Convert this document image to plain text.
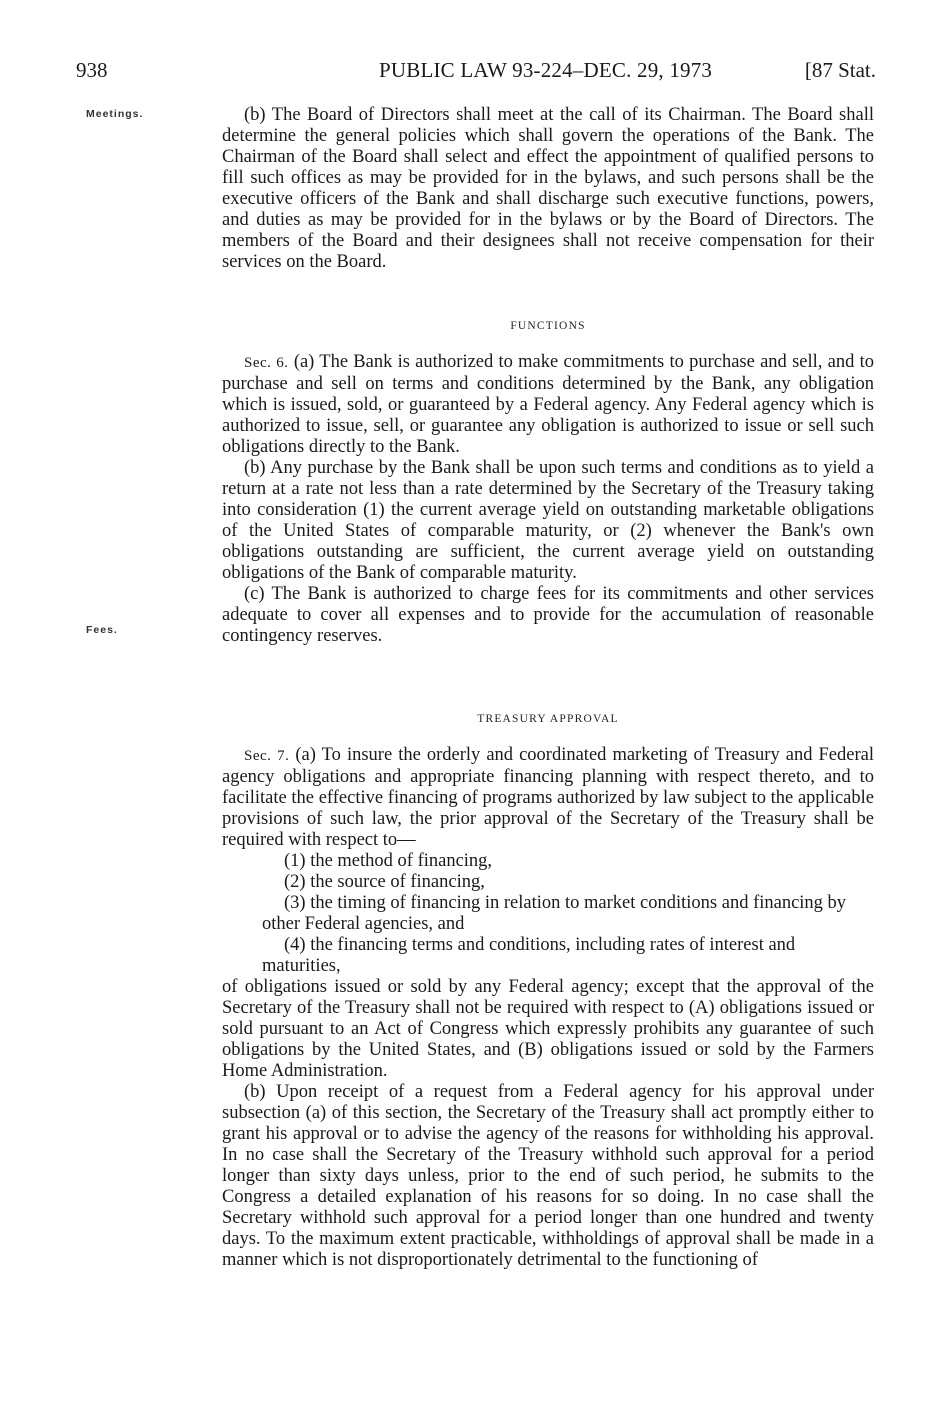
938	PUBLIC LAW 93-224–DEC. 29, 1973	[87 Stat.
Meetings.	(b) The Board of Directors shall meet at the call of its Chairman. The Board shall determine the general policies which shall govern the operations of the Bank. The Chairman of the Board shall select and effect the appointment of qualified persons to fill such offices as may be provided for in the bylaws, and such persons shall be the executive officers of the Bank and shall discharge such executive functions, powers, and duties as may be provided for in the bylaws or by the Board of Directors. The members of the Board and their designees shall not receive compensation for their services on the Board.

FUNCTIONS

Sec. 6. (a) The Bank is authorized to make commitments to purchase and sell, and to purchase and sell on terms and conditions determined by the Bank, any obligation which is issued, sold, or guaranteed by a Federal agency. Any Federal agency which is authorized to issue, sell, or guarantee any obligation is authorized to issue or sell such obligations directly to the Bank.

(b) Any purchase by the Bank shall be upon such terms and conditions as to yield a return at a rate not less than a rate determined by the Secretary of the Treasury taking into consideration (1) the current average yield on outstanding marketable obligations of the United States of comparable maturity, or (2) whenever the Bank's own obligations outstanding are sufficient, the current average yield on outstanding obligations of the Bank of comparable maturity.

(c) The Bank is authorized to charge fees for its commitments and other services adequate to cover all expenses and to provide for the accumulation of reasonable contingency reserves.

Fees.
TREASURY APPROVAL

Sec. 7. (a) To insure the orderly and coordinated marketing of Treasury and Federal agency obligations and appropriate financing planning with respect thereto, and to facilitate the effective financing of programs authorized by law subject to the applicable provisions of such law, the prior approval of the Secretary of the Treasury shall be required with respect to—

(1) the method of financing,

(2) the source of financing,

(3) the timing of financing in relation to market conditions and financing by other Federal agencies, and

(4) the financing terms and conditions, including rates of interest and maturities,

of obligations issued or sold by any Federal agency; except that the approval of the Secretary of the Treasury shall not be required with respect to (A) obligations issued or sold pursuant to an Act of Congress which expressly prohibits any guarantee of such obligations by the United States, and (B) obligations issued or sold by the Farmers Home Administration.

(b) Upon receipt of a request from a Federal agency for his approval under subsection (a) of this section, the Secretary of the Treasury shall act promptly either to grant his approval or to advise the agency of the reasons for withholding his approval. In no case shall the Secretary of the Treasury withhold such approval for a period longer than sixty days unless, prior to the end of such period, he submits to the Congress a detailed explanation of his reasons for so doing. In no case shall the Secretary withhold such approval for a period longer than one hundred and twenty days. To the maximum extent practicable, withholdings of approval shall be made in a manner which is not disproportionately detrimental to the functioning of
